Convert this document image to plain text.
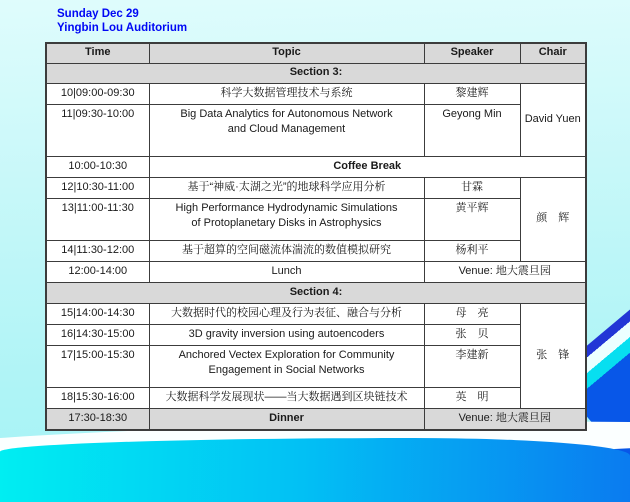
Sunday Dec 29
Yingbin Lou Auditorium
Time	Topic	Speaker	Chair
Section 3:			
10|09:00-09:30	科学大数据管理技术与系统	黎建辉	David Yuen
11|09:30-10:00	Big Data Analytics for Autonomous Network
and Cloud Management	Geyong Min	
10:00-10:30	Coffee Break		
12|10:30-11:00	基于“神威·太湖之光”的地球科学应用分析	甘霖	颜　辉
13|11:00-11:30	High Performance Hydrodynamic Simulations
of Protoplanetary Disks in Astrophysics	黄平辉	
14|11:30-12:00	基于超算的空间磁流体湍流的数值模拟研究	杨利平	
12:00-14:00	Lunch	Venue: 地大震旦园	
Section 4:			
15|14:00-14:30	大数据时代的校园心理及行为表征、融合与分析	母　亮	张　锋
16|14:30-15:00	3D gravity inversion using autoencoders	张　贝	
17|15:00-15:30	Anchored Vectex Exploration for Community
Engagement in Social Networks	李建新	
18|15:30-16:00	大数据科学发展现状——当大数据遇到区块链技术	英　明	
17:30-18:30	Dinner	Venue: 地大震旦园	
